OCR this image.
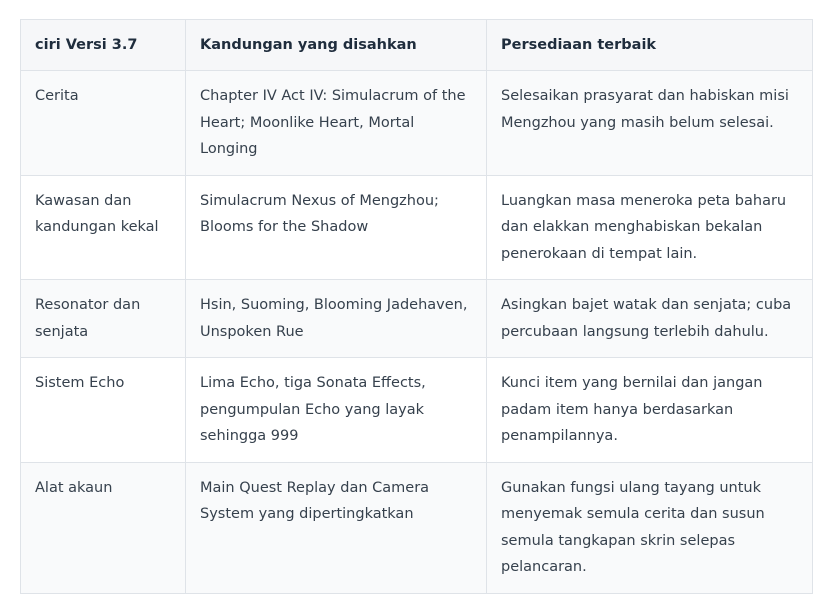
ciri Versi 3.7	Kandungan yang disahkan	Persediaan terbaik
Cerita	Chapter IV Act IV: Simulacrum of the Heart; Moonlike Heart, Mortal Longing	Selesaikan prasyarat dan habiskan misi Mengzhou yang masih belum selesai.
Kawasan dan kandungan kekal	Simulacrum Nexus of Mengzhou; Blooms for the Shadow	Luangkan masa meneroka peta baharu dan elakkan menghabiskan bekalan penerokaan di tempat lain.
Resonator dan senjata	Hsin, Suoming, Blooming Jadehaven, Unspoken Rue	Asingkan bajet watak dan senjata; cuba percubaan langsung terlebih dahulu.
Sistem Echo	Lima Echo, tiga Sonata Effects, pengumpulan Echo yang layak sehingga 999	Kunci item yang bernilai dan jangan padam item hanya berdasarkan penampilannya.
Alat akaun	Main Quest Replay dan Camera System yang dipertingkatkan	Gunakan fungsi ulang tayang untuk menyemak semula cerita dan susun semula tangkapan skrin selepas pelancaran.
